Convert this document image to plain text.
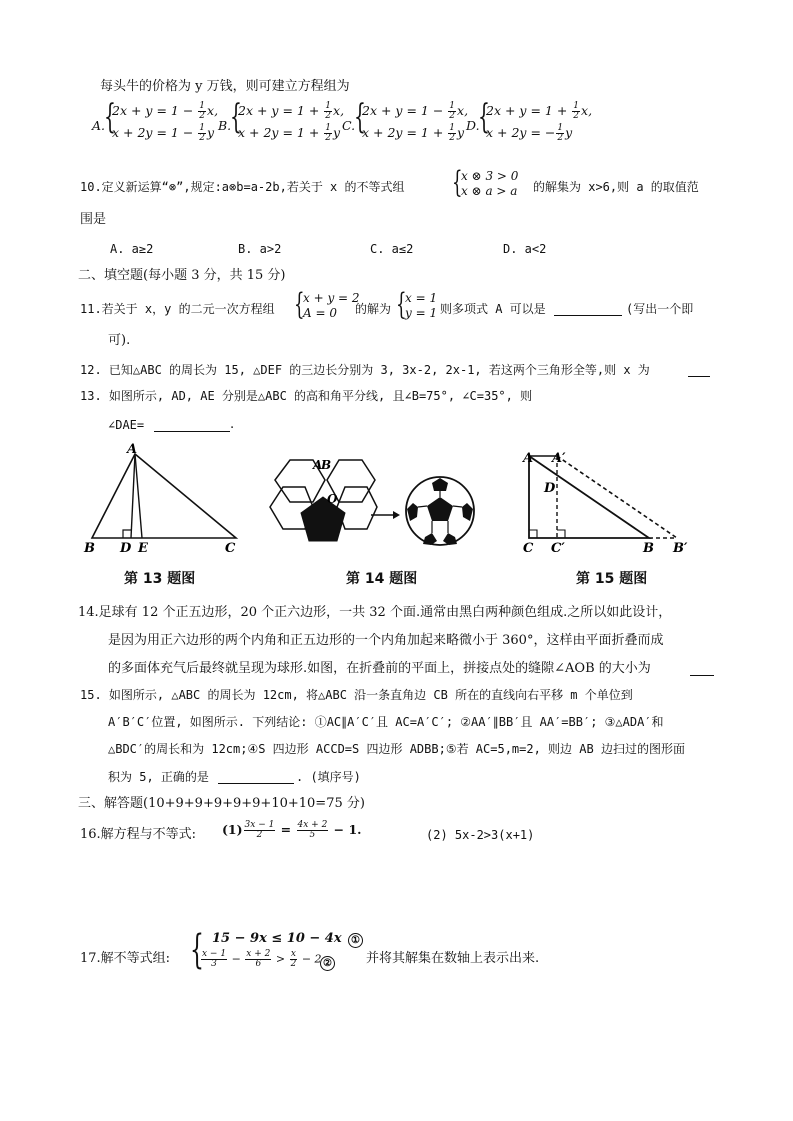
每头牛的价格为 y 万钱，则可建立方程组为
A.
{
$2x + y = 1 - \frac{1}{2} x$,
$x + 2y = 1 - \frac{1}{2}$ y B.
{
$2x + y = 1 + \frac{1}{2} x$,
$x + 2y = 1 + \frac{1}{2}$ y C.
{
$2x + y = 1 - \frac{1}{2} x$,
$x + 2y = 1 + \frac{1}{2}$ y D.
{
$2x + y = 1 + \frac{1}{2} x$,
x + 2y = − $\frac{1}{2}$ y
10.定义新运算“⊗”,规定:a⊗b=a-2b,若关于 x 的不等式组 {
x ⊗ 3 > 0
x ⊗ a > a 的解集为 x>6,则 a 的取值范
围是
A. a≥2	B. a>2	C. a≤2	D. a<2
二、填空题(每小题 3 分，共 15 分)
11.若关于 x，y 的二元一次方程组 {
x + y = 2
A = 0 的解为 {
x = 1
y = 1 则多项式 A 可以是	(写出一个即
可).
12. 已知△ABC 的周长为 15, △DEF 的三边长分别为 3, 3x-2, 2x-1, 若这两个三角形全等,则 x 为
13. 如图所示, AD, AE 分别是△ABC 的高和角平分线, 且∠B=75°, ∠C=35°, 则
∠DAE=	.
A
B D E	C
第 13 题图
A
B
O
第 14 题图
A A′
D
C C′	B B′
第 15 题图
14.足球有 12 个正五边形，20 个正六边形，一共 32 个面.通常由黑白两种颜色组成.之所以如此设计，
是因为用正六边形的两个内角和正五边形的一个内角加起来略微小于 360°，这样由平面折叠而成
的多面体充气后最终就呈现为球形.如图，在折叠前的平面上，拼接点处的缝隙∠AOB 的大小为
15. 如图所示, △ABC 的周长为 12cm, 将△ABC 沿一条直角边 CB 所在的直线向右平移 m 个单位到
A′B′C′位置, 如图所示. 下列结论: ①AC∥A′C′且 AC=A′C′; ②AA′∥BB′且 AA′=BB′; ③△ADA′和
△BDC′的周长和为 12cm;④S 四边形 ACCD=S 四边形 ADBB;⑤若 AC=5,m=2, 则边 AB 边扫过的图形面
积为 5, 正确的是	. (填序号)
三、解答题(10+9+9+9+9+9+10+10=75 分)
16.解方程与不等式: $(1) \frac{3x - 1}{2} = \frac{4x + 2}{5} - 1$.	(2) 5x-2>3(x+1)
17.解不等式组: { 15 − 9x ≤ 10 − 4x ①
$\frac{x - 1}{3} - \frac{x + 2}{6} > \frac{x}{2} - 2$ ②	并将其解集在数轴上表示出来.
